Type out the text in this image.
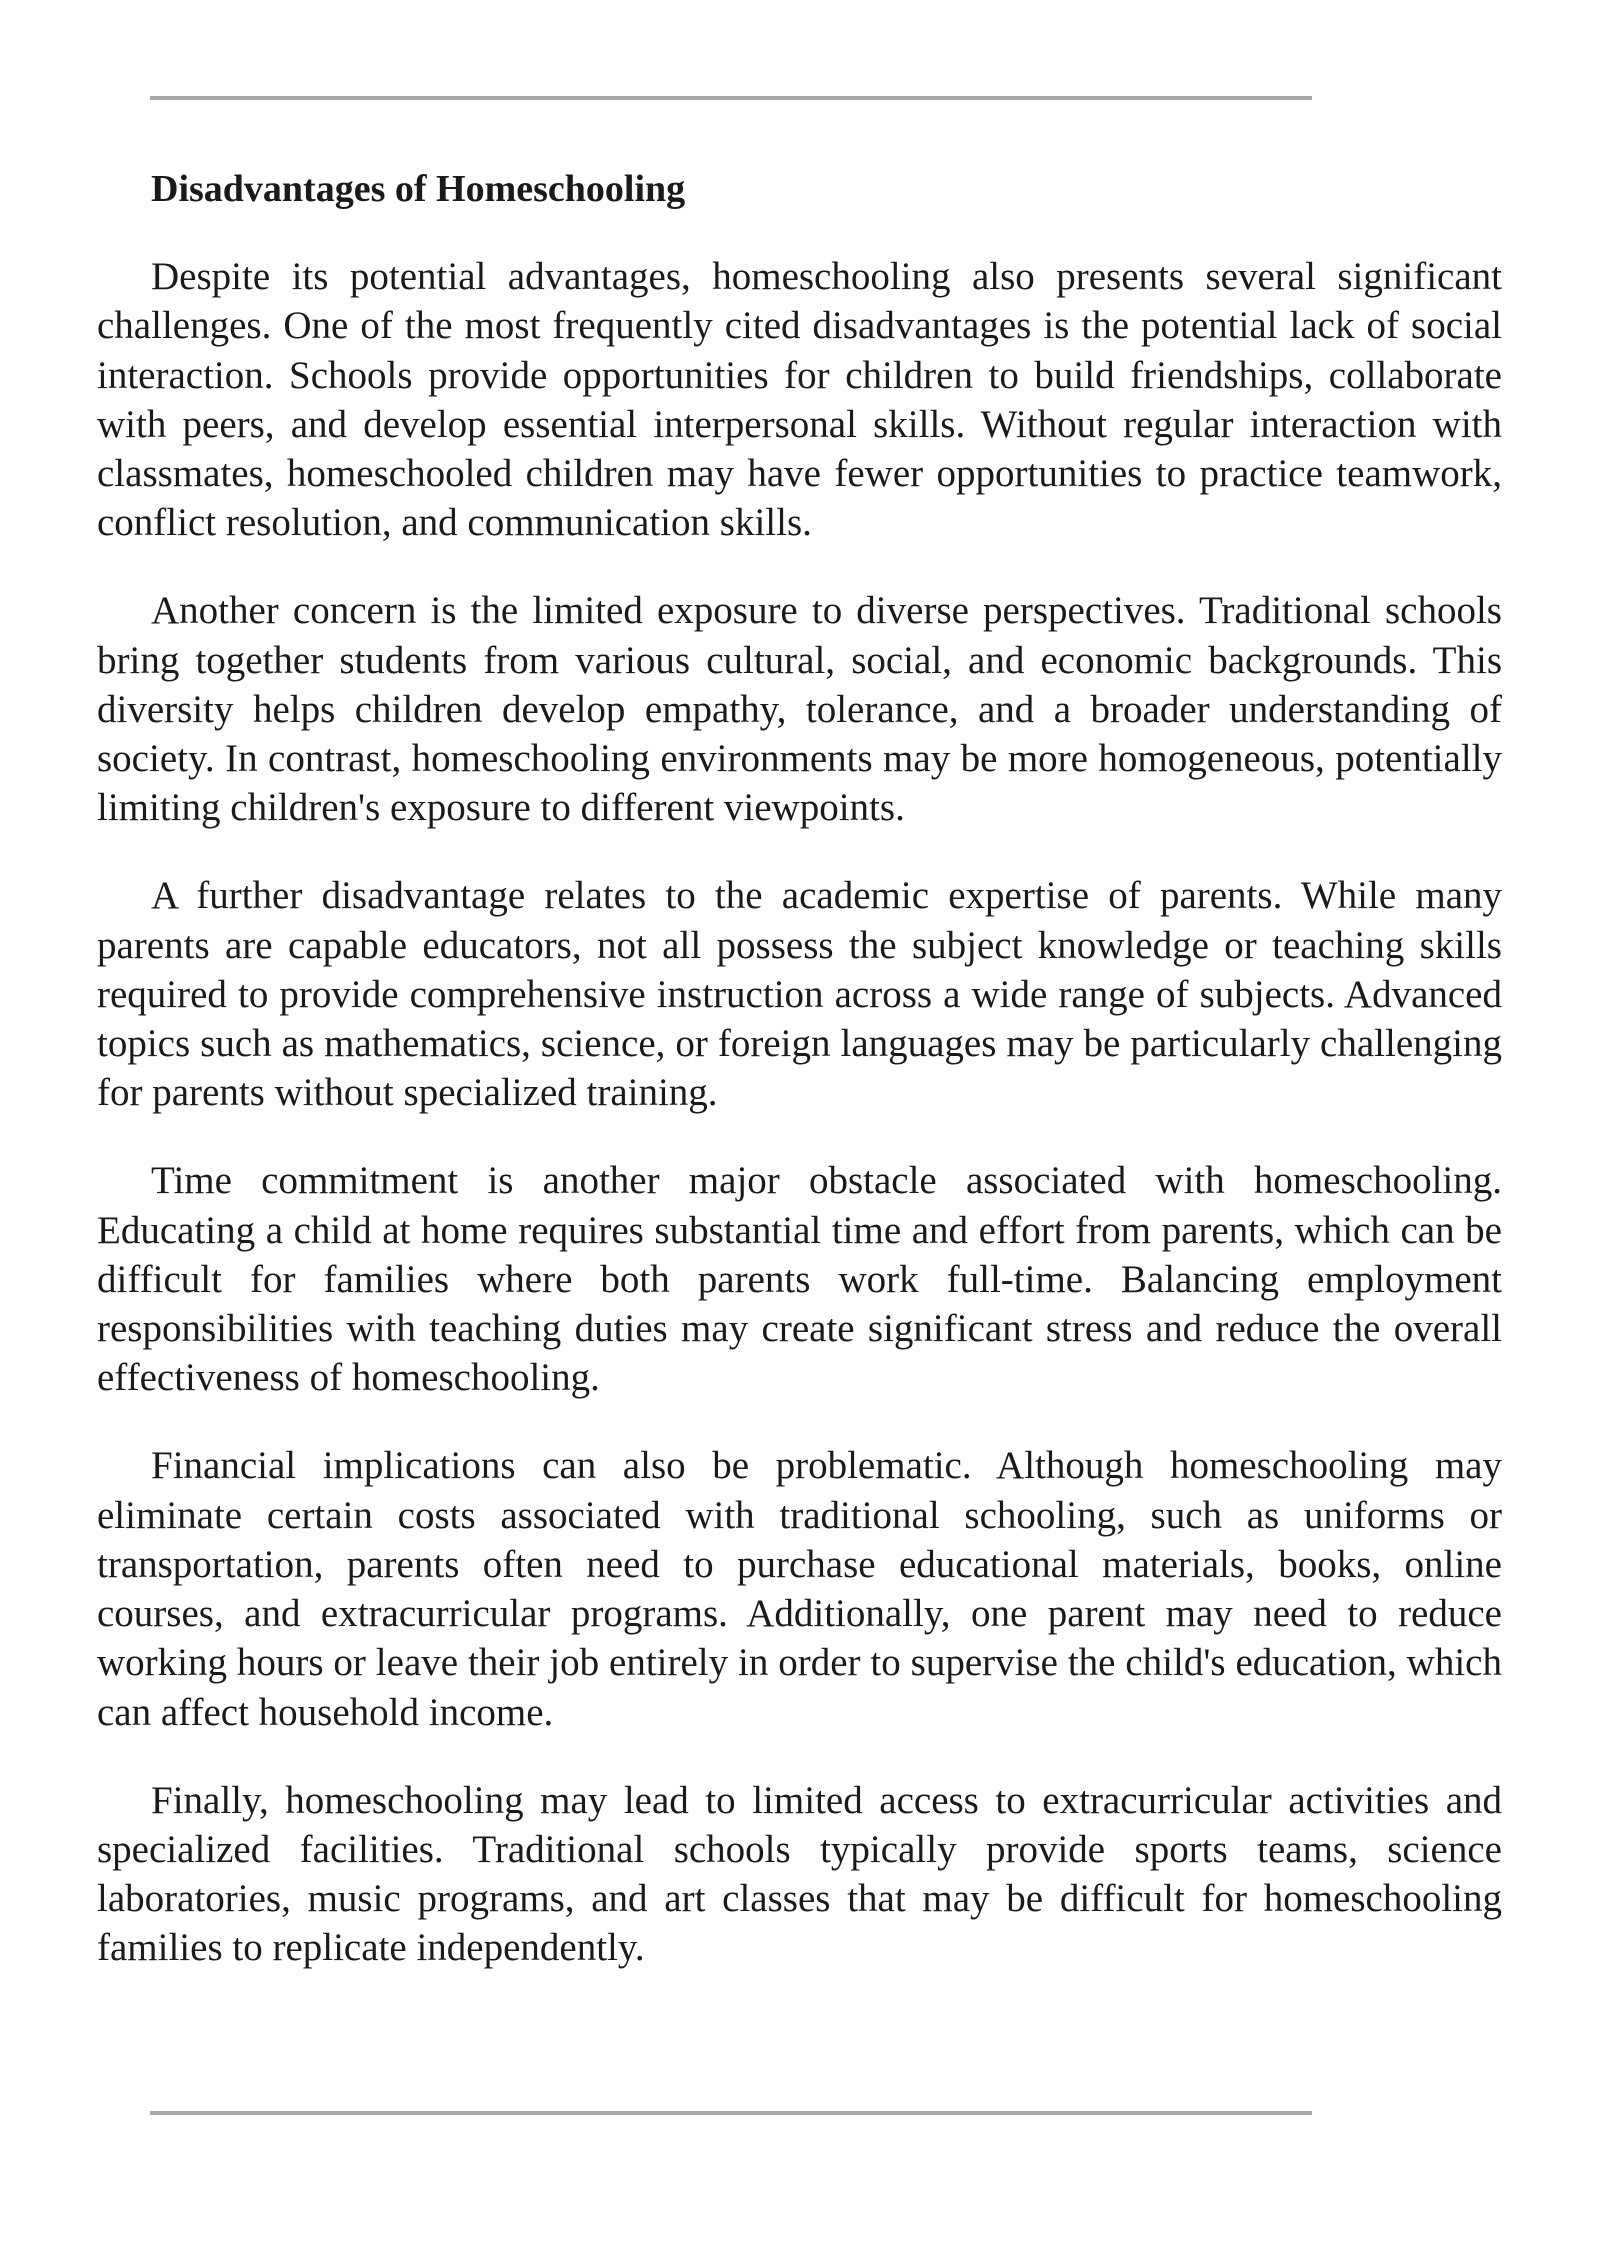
Disadvantages of Homeschooling

Despite its potential advantages, homeschooling also presents several significant challenges. One of the most frequently cited disadvantages is the potential lack of social interaction. Schools provide opportunities for children to build friendships, collaborate with peers, and develop essential interpersonal skills. Without regular interaction with classmates, homeschooled children may have fewer opportunities to practice teamwork, conflict resolution, and communication skills.

Another concern is the limited exposure to diverse perspectives. Traditional schools bring together students from various cultural, social, and economic backgrounds. This diversity helps children develop empathy, tolerance, and a broader understanding of society. In contrast, homeschooling environments may be more homogeneous, potentially limiting children's exposure to different viewpoints.

A further disadvantage relates to the academic expertise of parents. While many parents are capable educators, not all possess the subject knowledge or teaching skills required to provide comprehensive instruction across a wide range of subjects. Advanced topics such as mathematics, science, or foreign languages may be particularly challenging for parents without specialized training.

Time commitment is another major obstacle associated with homeschooling. Educating a child at home requires substantial time and effort from parents, which can be difficult for families where both parents work full-time. Balancing employment responsibilities with teaching duties may create significant stress and reduce the overall effectiveness of homeschooling.

Financial implications can also be problematic. Although homeschooling may eliminate certain costs associated with traditional schooling, such as uniforms or transportation, parents often need to purchase educational materials, books, online courses, and extracurricular programs. Additionally, one parent may need to reduce working hours or leave their job entirely in order to supervise the child's education, which can affect household income.

Finally, homeschooling may lead to limited access to extracurricular activities and specialized facilities. Traditional schools typically provide sports teams, science laboratories, music programs, and art classes that may be difficult for homeschooling families to replicate independently.
